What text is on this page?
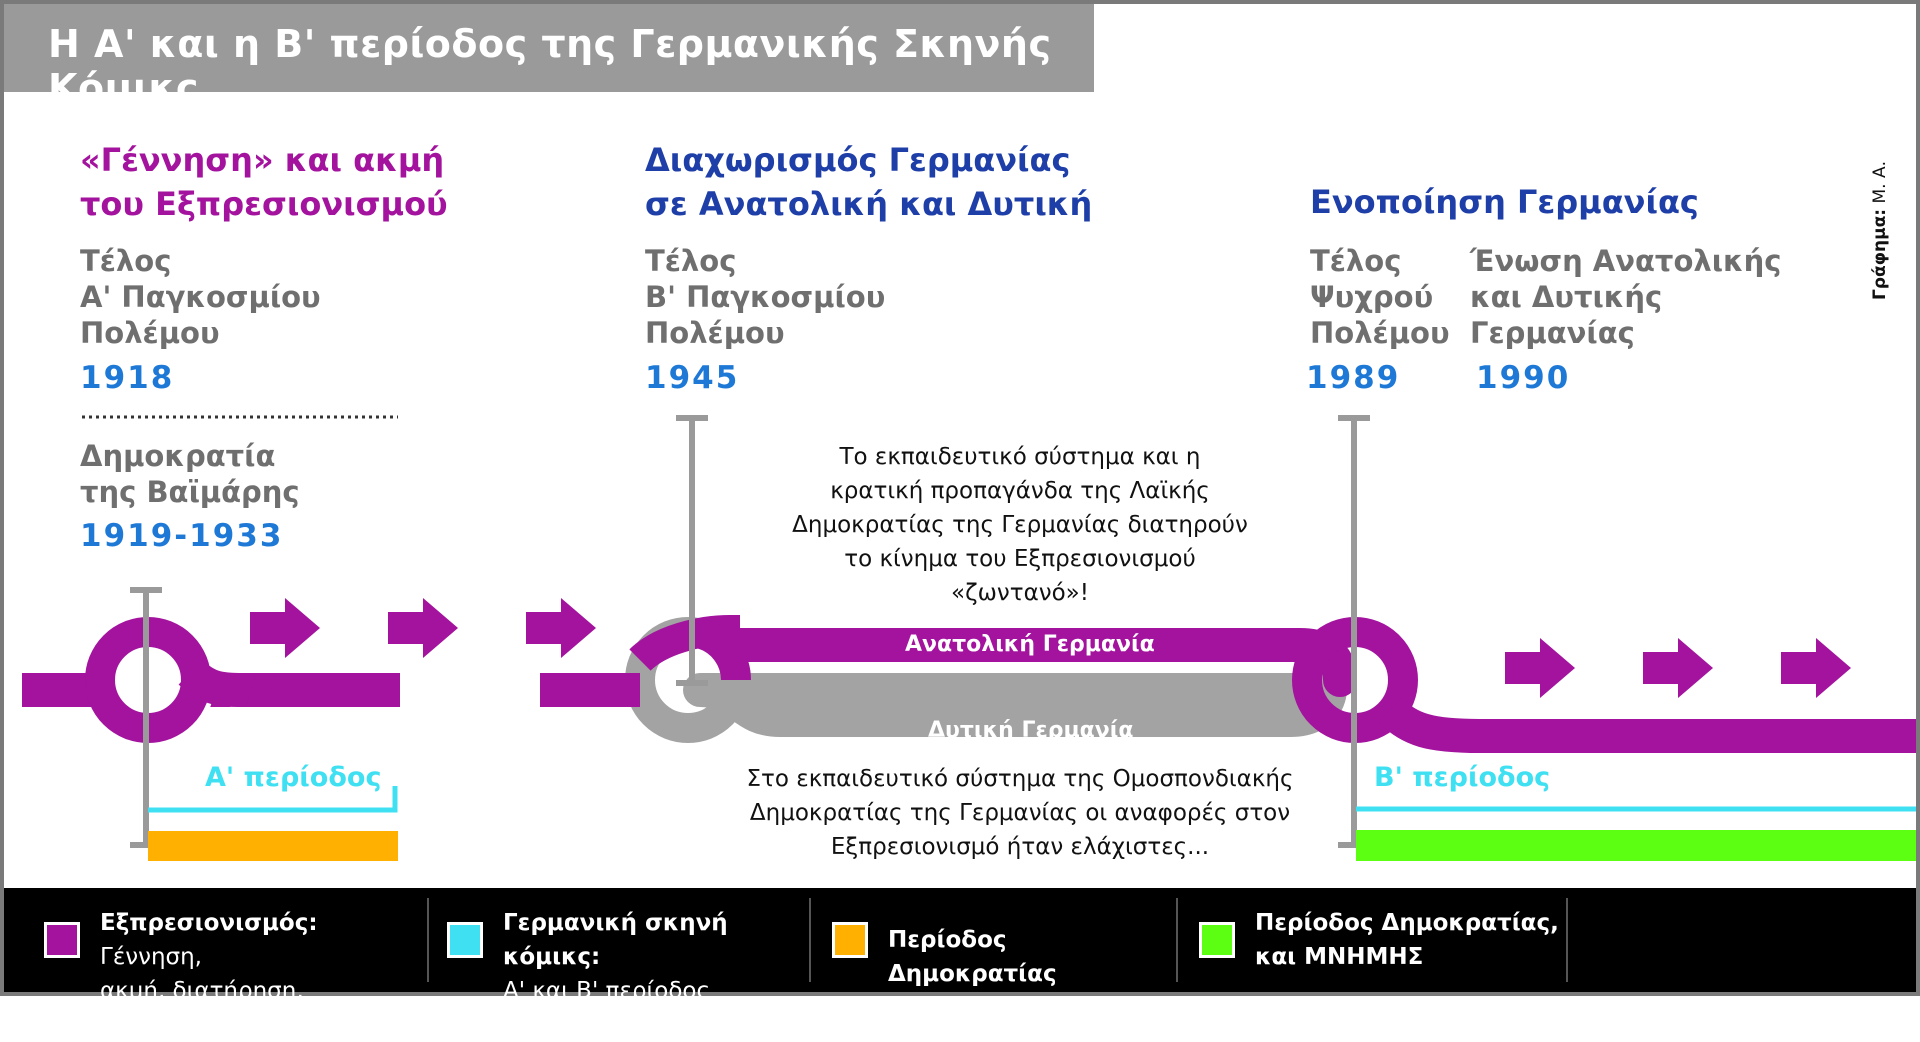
Η Α' και η Β' περίοδος της Γερμανικής Σκηνής Κόμικς
«Γέννηση» και ακμή
του Εξπρεσιονισμού
Τέλος
Α' Παγκοσμίου
Πολέμου
1918
Δημοκρατία
της Βαϊμάρης
1919-1933
Διαχωρισμός Γερμανίας
σε Ανατολική και Δυτική
Τέλος
Β' Παγκοσμίου
Πολέμου
1945
Ενοποίηση Γερμανίας
Τέλος
Ψυχρού
Πολέμου
1989
Ένωση Ανατολικής
και Δυτικής
Γερμανίας
1990
Το εκπαιδευτικό σύστημα και η
κρατική προπαγάνδα της Λαϊκής
Δημοκρατίας της Γερμανίας διατηρούν
το κίνημα του Εξπρεσιονισμού
«ζωντανό»!
Στο εκπαιδευτικό σύστημα της Ομοσπονδιακής
Δημοκρατίας της Γερμανίας οι αναφορές στον
Εξπρεσιονισμό ήταν ελάχιστες...
Ανατολική Γερμανία
Δυτική Γερμανία
Α' περίοδος	Β' περίοδος
Γράφημα: Μ. Α.
Εξπρεσιονισμός: Γέννηση,
ακμή, διατήρηση, αναβίωση
Γερμανική σκηνή κόμικς:
Α' και Β' περίοδος
Περίοδος Δημοκρατίας
Περίοδος Δημοκρατίας,
και ΜΝΗΜΗΣ
